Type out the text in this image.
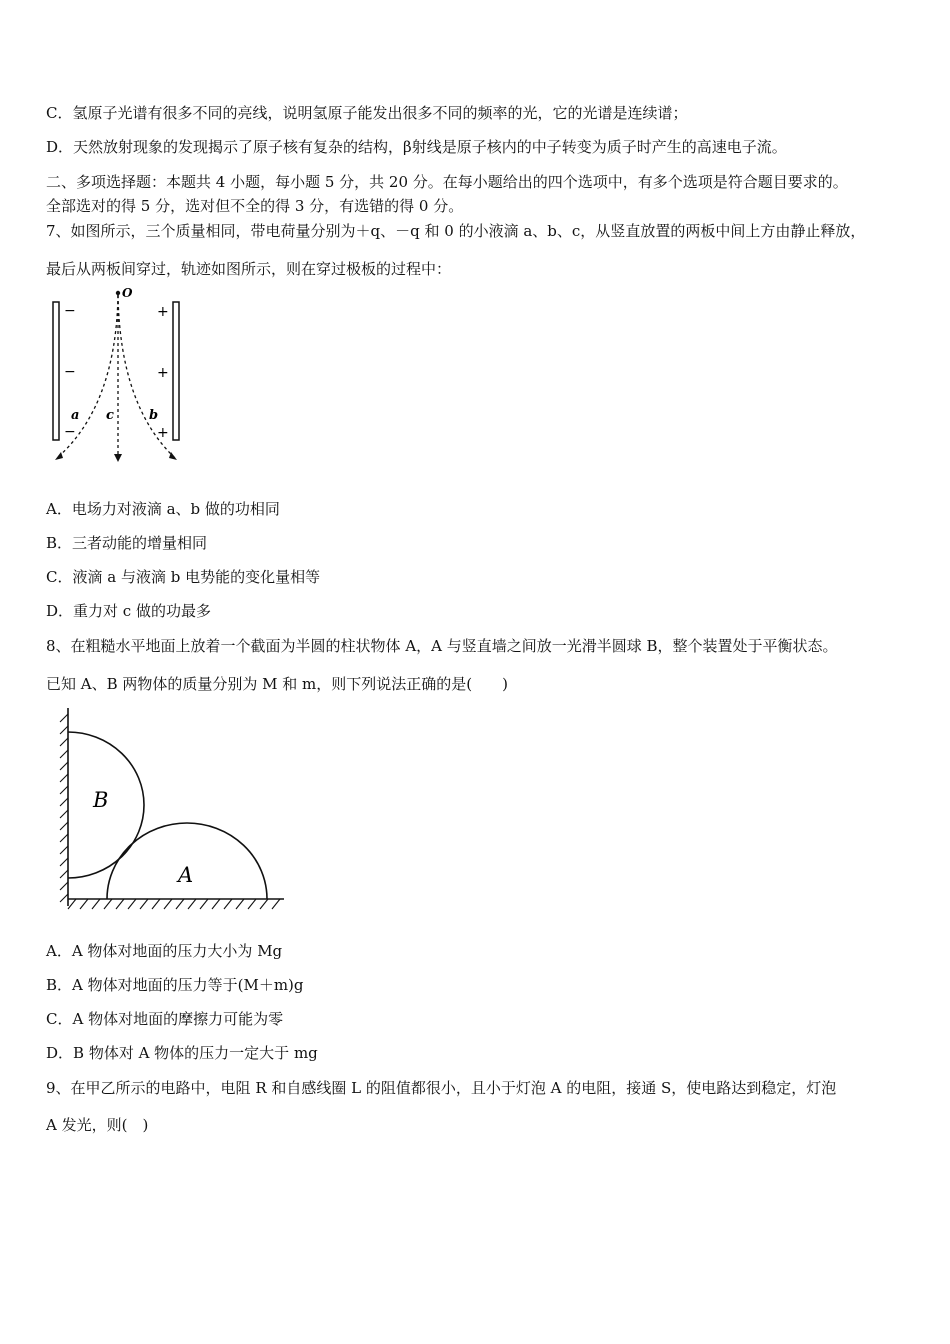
C．氢原子光谱有很多不同的亮线，说明氢原子能发出很多不同的频率的光，它的光谱是连续谱；
D．天然放射现象的发现揭示了原子核有复杂的结构，β射线是原子核内的中子转变为质子时产生的高速电子流。
二、多项选择题：本题共 4 小题，每小题 5 分，共 20 分。在每小题给出的四个选项中，有多个选项是符合题目要求的。
全部选对的得 5 分，选对但不全的得 3 分，有选错的得 0 分。
7、如图所示，三个质量相同，带电荷量分别为＋q、－q 和 0 的小液滴 a、b、c，从竖直放置的两板中间上方由静止释放，
最后从两板间穿过，轨迹如图所示，则在穿过极板的过程中：
−
−
−
+
+
+
O
a c	b
A．电场力对液滴 a、b 做的功相同
B．三者动能的增量相同
C．液滴 a 与液滴 b 电势能的变化量相等
D．重力对 c 做的功最多
8、在粗糙水平地面上放着一个截面为半圆的柱状物体 A，A 与竖直墙之间放一光滑半圆球 B，整个装置处于平衡状态。
已知 A、B 两物体的质量分别为 M 和 m，则下列说法正确的是(　　)
A
B
A．A 物体对地面的压力大小为 Mg
B．A 物体对地面的压力等于(M＋m)g
C．A 物体对地面的摩擦力可能为零
D．B 物体对 A 物体的压力一定大于 mg
9、在甲乙所示的电路中，电阻 R 和自感线圈 L 的阻值都很小，且小于灯泡 A 的电阻，接通 S，使电路达到稳定，灯泡
A 发光，则(　)
